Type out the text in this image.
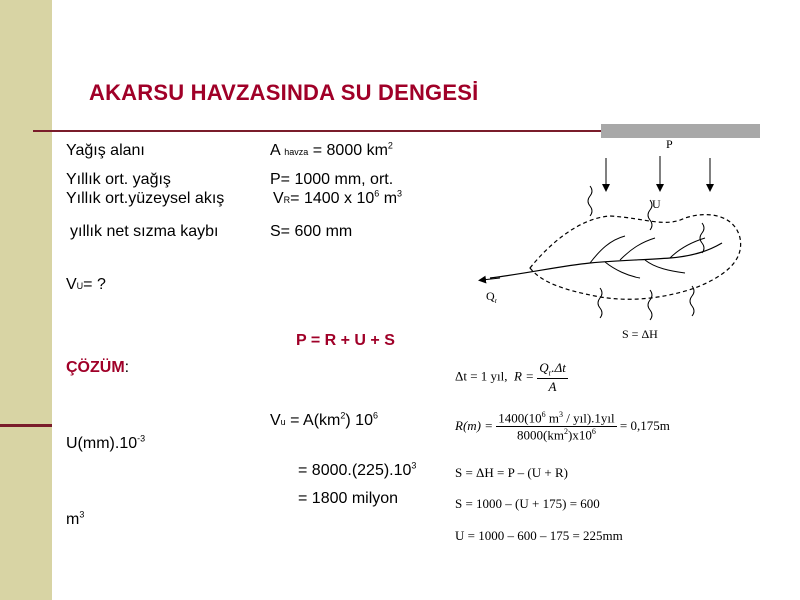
AKARSU HAVZASINDA SU DENGESİ
Yağış alanı	A havza = 8000 $km^2$
Yıllık ort. yağış	P= 1000 mm, ort.
Yıllık ort.yüzeysel akış	VR= 1400 x $10^6$ $m^3$
yıllık net sızma kaybı	S= 600 mm
VU= ?
P = R + U + S
ÇÖZÜM:
$Vu = A(km^2)$ $10^6$
$U(mm).10^{-3}$
= $8000.(225).10^3$
= 1800 milyon
$m^3$
P
U
$Q_r$
S = ΔH
Δt = 1 yıl, $R = \frac{Q_r.\Delta t}{A}$
$R(m) = \frac{1400(10^6 m^3 / yıl).1yıl}{8000(km^2)x10^6} = 0,175m$
S = ΔH = P – (U + R)
S = 1000 – (U + 175) = 600
U = 1000 – 600 – 175 = 225mm
